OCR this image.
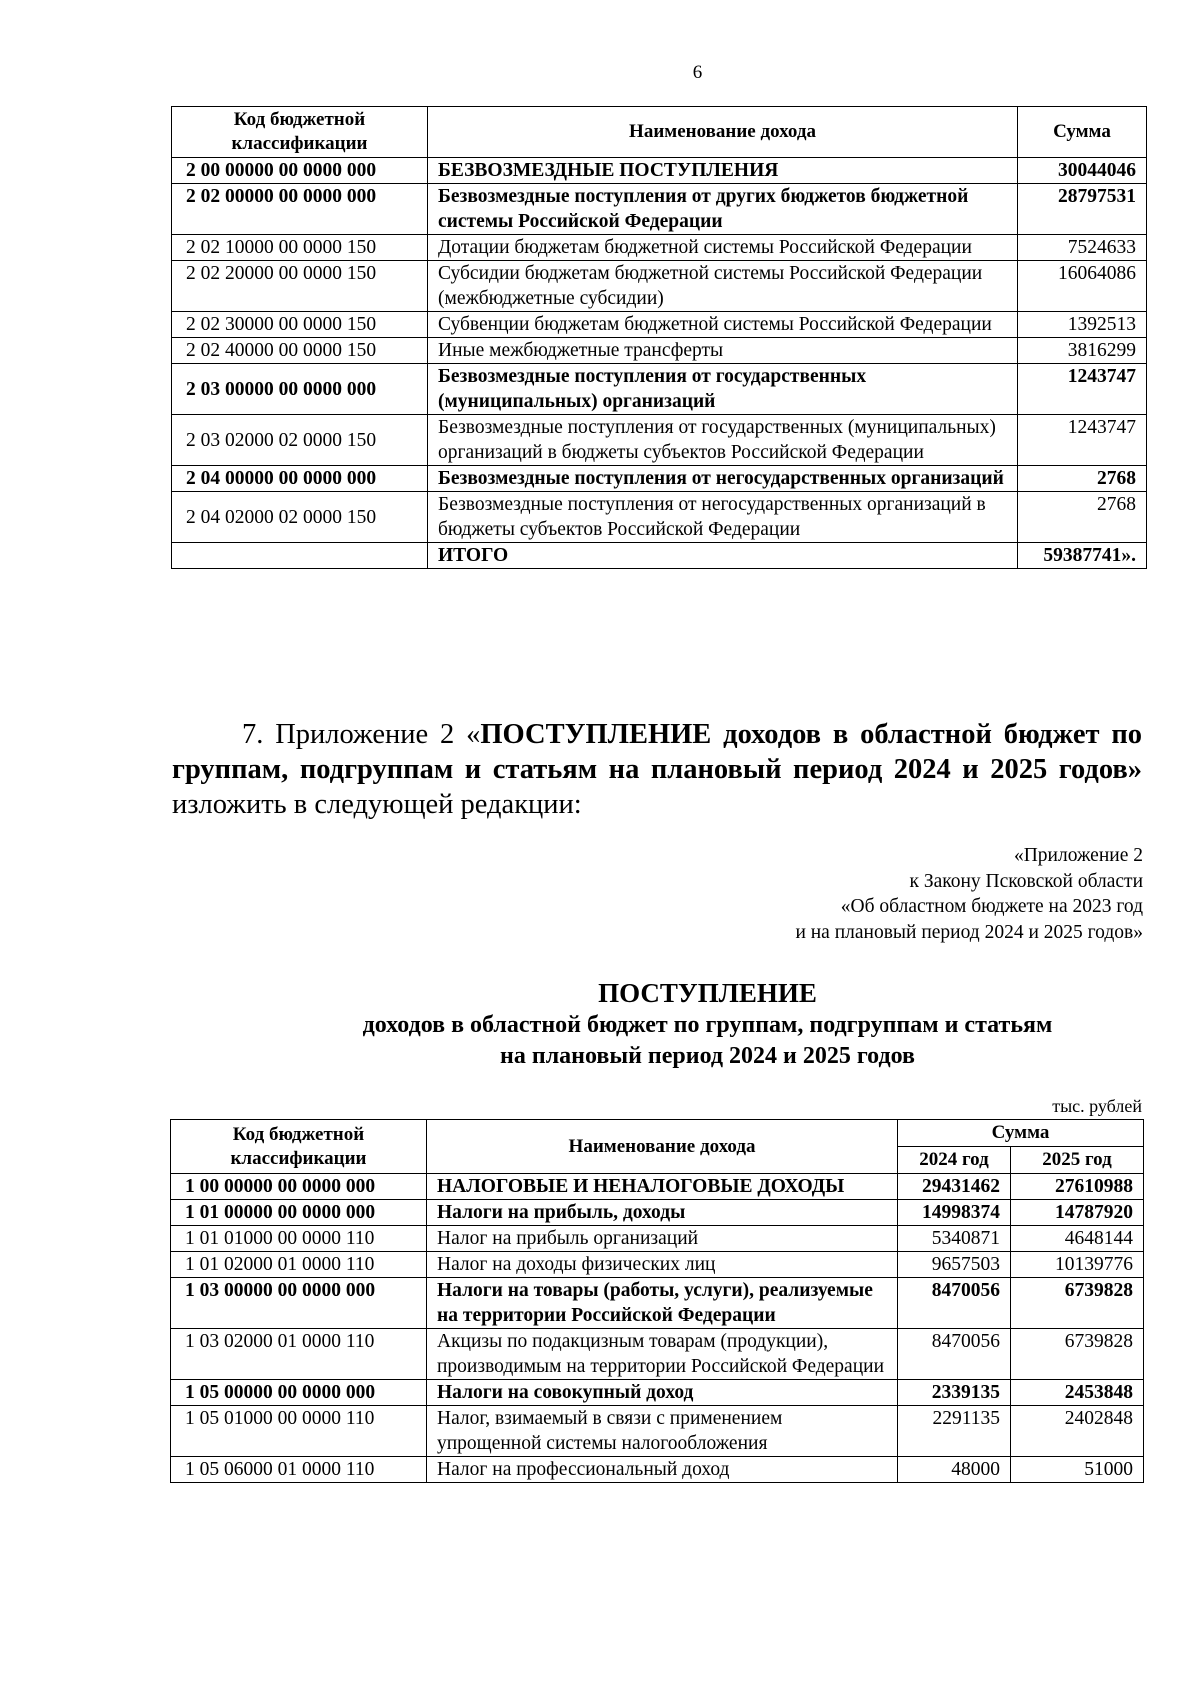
6
Код бюджетной классификации	Наименование дохода	Сумма
2 00 00000 00 0000 000	БЕЗВОЗМЕЗДНЫЕ ПОСТУПЛЕНИЯ	30044046
2 02 00000 00 0000 000	Безвозмездные поступления от других бюджетов бюджетной системы Российской Федерации	28797531
2 02 10000 00 0000 150	Дотации бюджетам бюджетной системы Российской Федерации	7524633
2 02 20000 00 0000 150	Субсидии бюджетам бюджетной системы Российской Федерации (межбюджетные субсидии)	16064086
2 02 30000 00 0000 150	Субвенции бюджетам бюджетной системы Российской Федерации	1392513
2 02 40000 00 0000 150	Иные межбюджетные трансферты	3816299
2 03 00000 00 0000 000	Безвозмездные поступления от государственных (муниципальных) организаций	1243747
2 03 02000 02 0000 150	Безвозмездные поступления от государственных (муниципальных) организаций в бюджеты субъектов Российской Федерации	1243747
2 04 00000 00 0000 000	Безвозмездные поступления от негосударственных организаций	2768
2 04 02000 02 0000 150	Безвозмездные поступления от негосударственных организаций в бюджеты субъектов Российской Федерации	2768
	ИТОГО	59387741».
7. Приложение 2 «ПОСТУПЛЕНИЕ доходов в областной бюджет по группам, подгруппам и статьям на плановый период 2024 и 2025 годов» изложить в следующей редакции:
«Приложение 2
к Закону Псковской области
«Об областном бюджете на 2023 год
и на плановый период 2024 и 2025 годов»
ПОСТУПЛЕНИЕ
доходов в областной бюджет по группам, подгруппам и статьям
на плановый период 2024 и 2025 годов
тыс. рублей
Код бюджетной классификации	Наименование дохода	Сумма	
		2024 год	2025 год
1 00 00000 00 0000 000	НАЛОГОВЫЕ И НЕНАЛОГОВЫЕ ДОХОДЫ	29431462	27610988
1 01 00000 00 0000 000	Налоги на прибыль, доходы	14998374	14787920
1 01 01000 00 0000 110	Налог на прибыль организаций	5340871	4648144
1 01 02000 01 0000 110	Налог на доходы физических лиц	9657503	10139776
1 03 00000 00 0000 000	Налоги на товары (работы, услуги), реализуемые на территории Российской Федерации	8470056	6739828
1 03 02000 01 0000 110	Акцизы по подакцизным товарам (продукции), производимым на территории Российской Федерации	8470056	6739828
1 05 00000 00 0000 000	Налоги на совокупный доход	2339135	2453848
1 05 01000 00 0000 110	Налог, взимаемый в связи с применением упрощенной системы налогообложения	2291135	2402848
1 05 06000 01 0000 110	Налог на профессиональный доход	48000	51000
